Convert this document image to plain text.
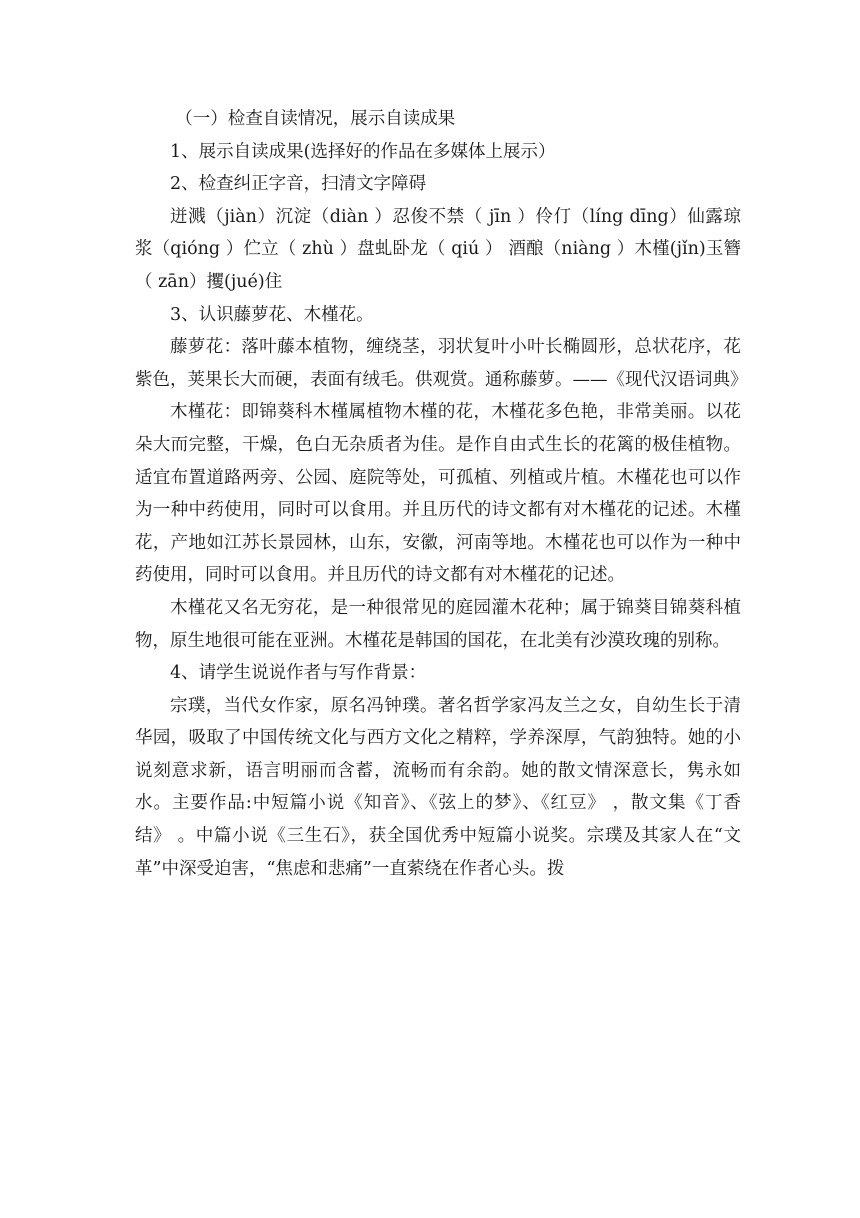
（一）检查自读情况，展示自读成果

1、展示自读成果(选择好的作品在多媒体上展示）

2、检查纠正字音，扫清文字障碍

迸溅（jiàn）沉淀（diàn ）忍俊不禁（ jīn ）伶仃（líng dīng）仙露琼浆（qióng ）伫立（ zhù ）盘虬卧龙（ qiú ） 酒酿（niàng ）木槿(jǐn)玉簪（ zān）攫(jué)住

3、认识藤萝花、木槿花。

藤萝花：落叶藤本植物，缠绕茎，羽状复叶小叶长椭圆形，总状花序，花紫色，荚果长大而硬，表面有绒毛。供观赏。通称藤萝。——《现代汉语词典》

木槿花：即锦葵科木槿属植物木槿的花，木槿花多色艳，非常美丽。以花朵大而完整，干燥，色白无杂质者为佳。是作自由式生长的花篱的极佳植物。适宜布置道路两旁、公园、庭院等处，可孤植、列植或片植。木槿花也可以作为一种中药使用，同时可以食用。并且历代的诗文都有对木槿花的记述。木槿花，产地如江苏长景园林，山东，安徽，河南等地。木槿花也可以作为一种中药使用，同时可以食用。并且历代的诗文都有对木槿花的记述。

木槿花又名无穷花，是一种很常见的庭园灌木花种；属于锦葵目锦葵科植物，原生地很可能在亚洲。木槿花是韩国的国花，在北美有沙漠玫瑰的别称。

4、请学生说说作者与写作背景：

宗璞，当代女作家，原名冯钟璞。著名哲学家冯友兰之女，自幼生长于清华园，吸取了中国传统文化与西方文化之精粹，学养深厚，气韵独特。她的小说刻意求新，语言明丽而含蓄，流畅而有余韵。她的散文情深意长，隽永如水。主要作品:中短篇小说《知音》、《弦上的梦》、《红豆》 ，散文集《丁香结》 。中篇小说《三生石》，获全国优秀中短篇小说奖。宗璞及其家人在“文革”中深受迫害，“焦虑和悲痛”一直萦绕在作者心头。拨
